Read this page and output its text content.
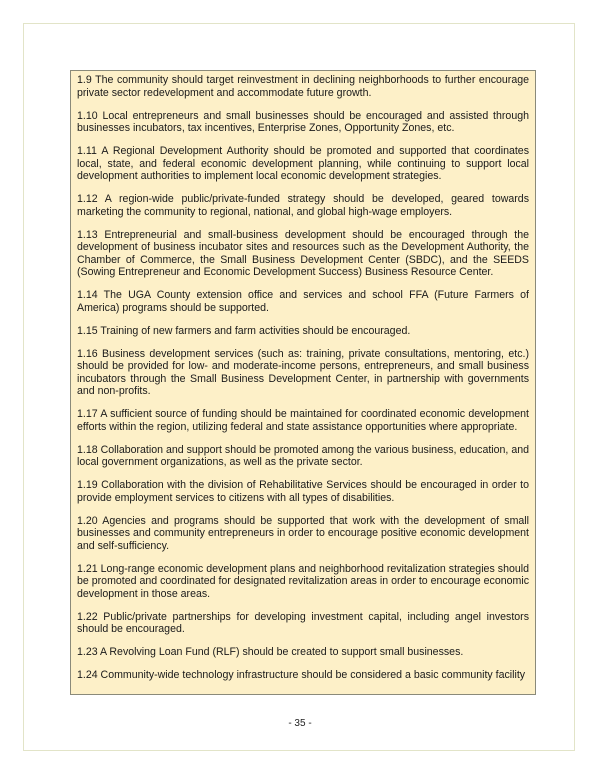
1.9 The community should target reinvestment in declining neighborhoods to further encourage private sector redevelopment and accommodate future growth.

1.10 Local entrepreneurs and small businesses should be encouraged and assisted through businesses incubators, tax incentives, Enterprise Zones, Opportunity Zones, etc.

1.11 A Regional Development Authority should be promoted and supported that coordinates local, state, and federal economic development planning, while continuing to support local development authorities to implement local economic development strategies.

1.12 A region-wide public/private-funded strategy should be developed, geared towards marketing the community to regional, national, and global high-wage employers.

1.13 Entrepreneurial and small-business development should be encouraged through the development of business incubator sites and resources such as the Development Authority, the Chamber of Commerce, the Small Business Development Center (SBDC), and the SEEDS (Sowing Entrepreneur and Economic Development Success) Business Resource Center.

1.14 The UGA County extension office and services and school FFA (Future Farmers of America) programs should be supported.

1.15 Training of new farmers and farm activities should be encouraged.

1.16 Business development services (such as: training, private consultations, mentoring, etc.) should be provided for low- and moderate-income persons, entrepreneurs, and small business incubators through the Small Business Development Center, in partnership with governments and non-profits.

1.17 A sufficient source of funding should be maintained for coordinated economic development efforts within the region, utilizing federal and state assistance opportunities where appropriate.

1.18 Collaboration and support should be promoted among the various business, education, and local government organizations, as well as the private sector.

1.19 Collaboration with the division of Rehabilitative Services should be encouraged in order to provide employment services to citizens with all types of disabilities.

1.20 Agencies and programs should be supported that work with the development of small businesses and community entrepreneurs in order to encourage positive economic development and self-sufficiency.

1.21 Long-range economic development plans and neighborhood revitalization strategies should be promoted and coordinated for designated revitalization areas in order to encourage economic development in those areas.

1.22 Public/private partnerships for developing investment capital, including angel investors should be encouraged.

1.23 A Revolving Loan Fund (RLF) should be created to support small businesses.

1.24 Community-wide technology infrastructure should be considered a basic community facility

- 35 -
